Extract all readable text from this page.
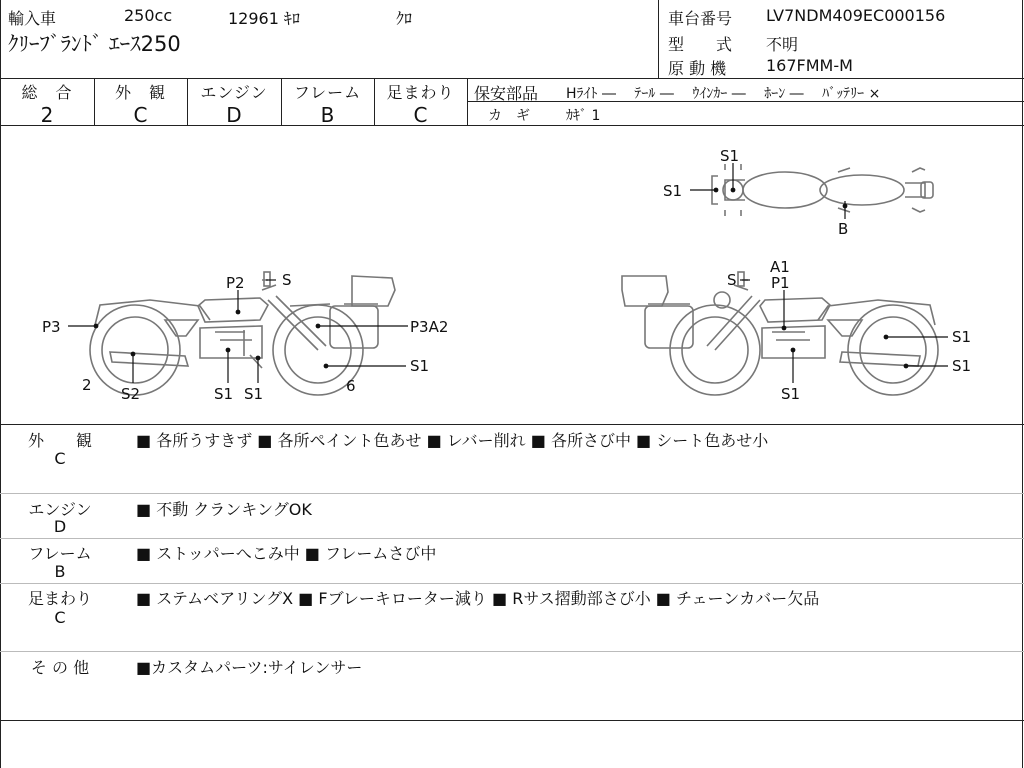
輸入車	250cc	12961 ｷﾛ	ｸﾛ
ｸﾘｰﾌﾞﾗﾝﾄﾞ ｴｰｽ250
車台番号 LV7NDM409EC000156
型　　式 不明
原 動 機 167FMM-M
総　合
2
外　観
C
エンジン
D
フレーム
B
足まわり
C
保安部品 Hﾗｲﾄ ―　 ﾃｰﾙ ―　 ｳｲﾝｶｰ ―　 ﾎｰﾝ ―　 ﾊﾞｯﾃﾘｰ ×
カ　ギ	ｶｷﾞ 1
S1
S1
B
P2 S
P3	P3A2
S1
2 S2	S1 S1	6
A1
S P1
S1
S1
S1
外　　観
C
■ 各所うすきず ■ 各所ペイント色あせ ■ レバー削れ ■ 各所さび中 ■ シート色あせ小
エンジン
D
■ 不動 クランキングOK
フレーム
B
■ ストッパーへこみ中 ■ フレームさび中
足まわり
C
■ ステムベアリングX ■ Fブレーキローター減り ■ Rサス摺動部さび小 ■ チェーンカバー欠品
そ の 他	■カスタムパーツ:サイレンサー
